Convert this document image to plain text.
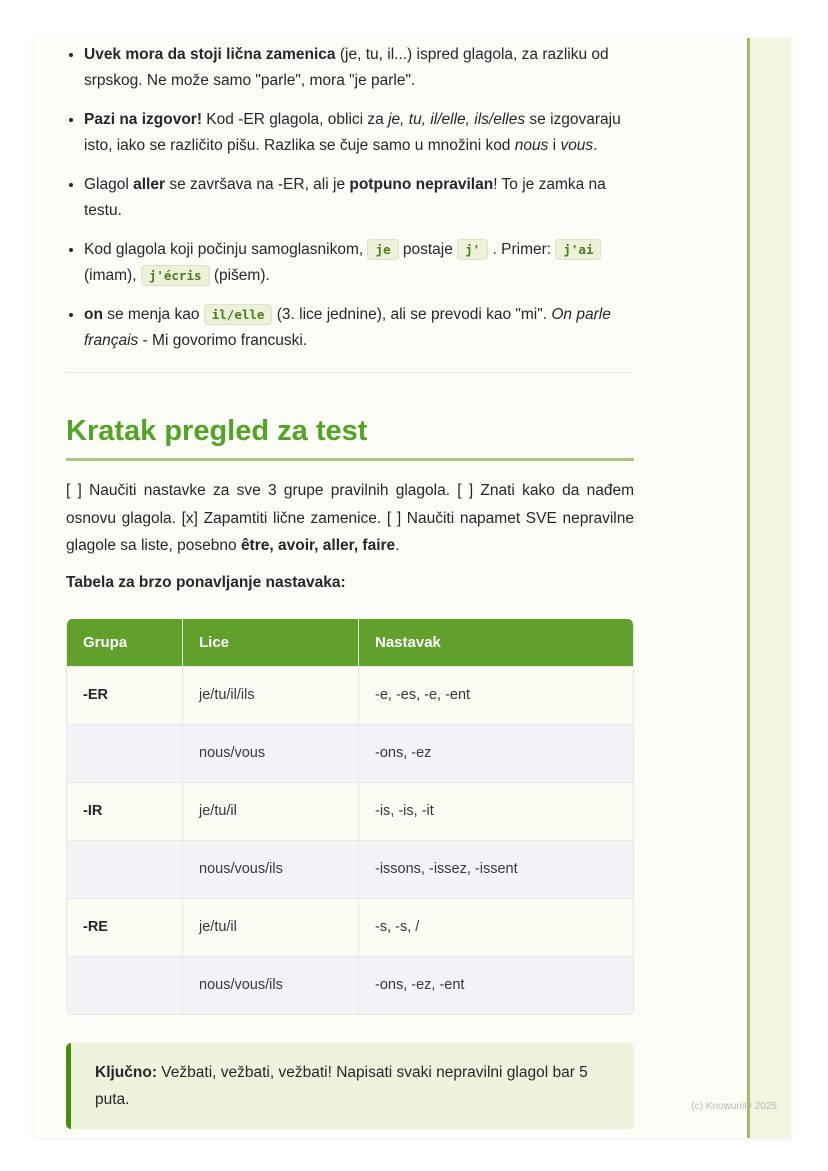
• Uvek mora da stoji lična zamenica (je, tu, il...) ispred glagola, za razliku od srpskog. Ne može samo "parle", mora "je parle".
• Pazi na izgovor! Kod -ER glagola, oblici za je, tu, il/elle, ils/elles se izgovaraju isto, iako se različito pišu. Razlika se čuje samo u množini kod nous i vous.
• Glagol aller se završava na -ER, ali je potpuno nepravilan! To je zamka na testu.
• Kod glagola koji počinju samoglasnikom, je postaje j' . Primer: j'ai (imam), j'écris (pišem).
• on se menja kao il/elle (3. lice jednine), ali se prevodi kao "mi". On parle français - Mi govorimo francuski.
Kratak pregled za test

[ ] Naučiti nastavke za sve 3 grupe pravilnih glagola. [ ] Znati kako da nađem osnovu glagola. [x] Zapamtiti lične zamenice. [ ] Naučiti napamet SVE nepravilne glagole sa liste, posebno être, avoir, aller, faire.

Tabela za brzo ponavljanje nastavaka:

Grupa	Lice	Nastavak
-ER	je/tu/il/ils	-e, -es, -e, -ent
	nous/vous	-ons, -ez
-IR	je/tu/il	-is, -is, -it
	nous/vous/ils	-issons, -issez, -issent
-RE	je/tu/il	-s, -s, /
	nous/vous/ils	-ons, -ez, -ent
Ključno: Vežbati, vežbati, vežbati! Napisati svaki nepravilni glagol bar 5 puta.	(c) Knowunity 2025
